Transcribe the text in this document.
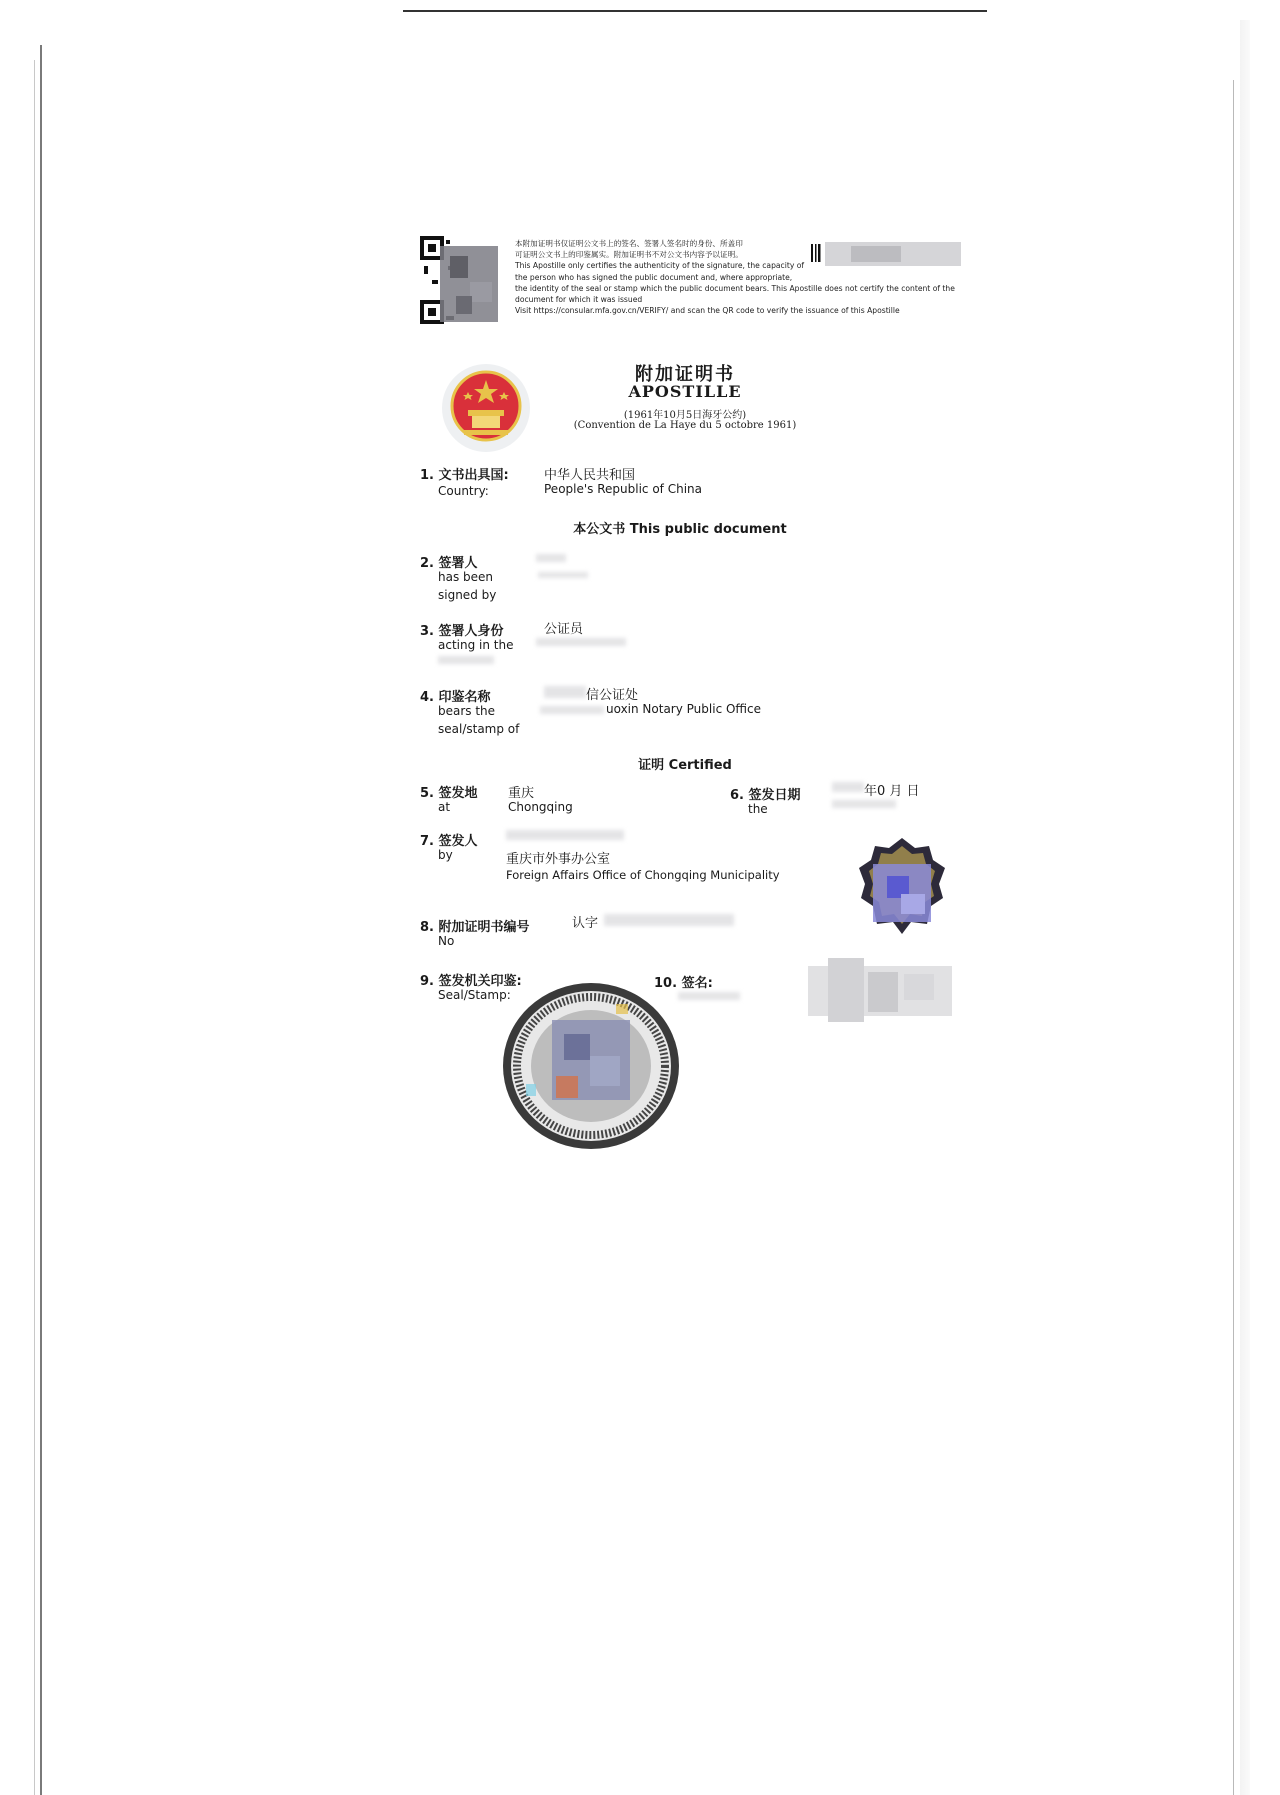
本附加证明书仅证明公文书上的签名、签署人签名时的身份、所盖印
可证明公文书上的印鉴属实。附加证明书不对公文书内容予以证明。
This Apostille only certifies the authenticity of the signature, the capacity of
the person who has signed the public document and, where appropriate,
the identity of the seal or stamp which the public document bears. This Apostille does not certify the content of the
document for which it was issued
Visit https://consular.mfa.gov.cn/VERIFY/ and scan the QR code to verify the issuance of this Apostille
附加证明书
APOSTILLE
(1961年10月5日海牙公约)
(Convention de La Haye du 5 octobre 1961)
1. 文书出具国:
Country:
中华人民共和国
People's Republic of China
本公文书 This public document
2. 签署人
has been
signed by
3. 签署人身份
acting in the
公证员
4. 印鉴名称
bears the
seal/stamp of
信公证处
uoxin Notary Public Office
证明 Certified
5. 签发地
at
重庆
Chongqing
6. 签发日期
the
年0 月 日
7. 签发人
by	重庆市外事办公室
Foreign Affairs Office of Chongqing Municipality
8. 附加证明书编号
No
认字
9. 签发机关印鉴:
Seal/Stamp:
10. 签名:
